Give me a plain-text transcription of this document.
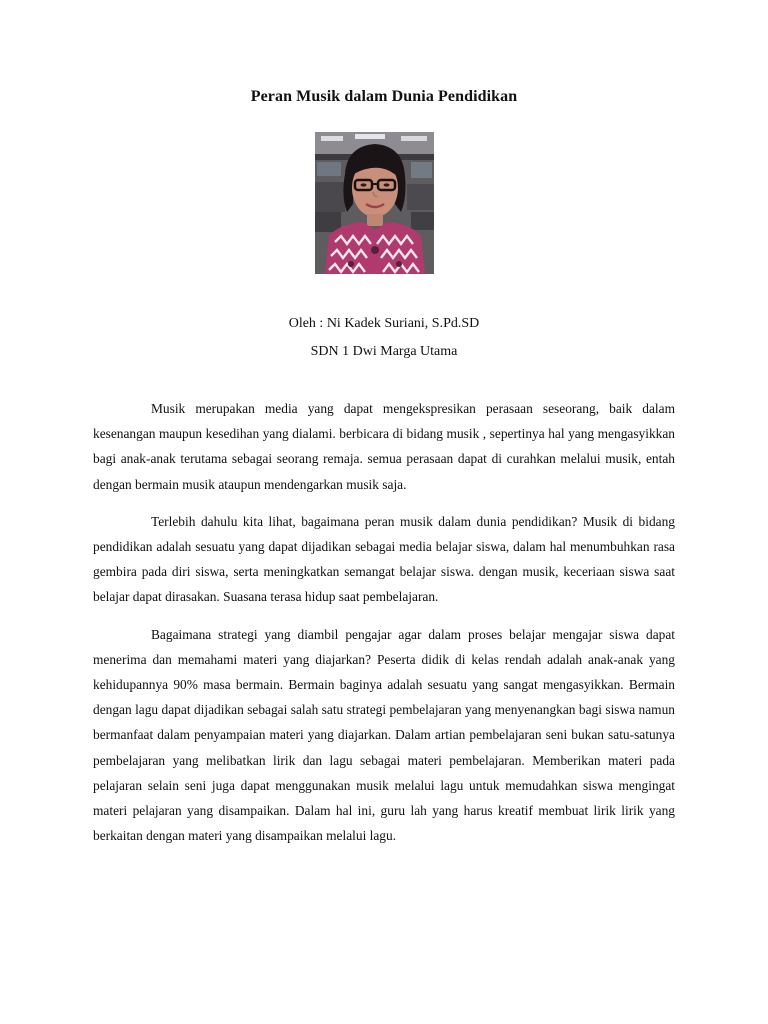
Peran Musik dalam Dunia Pendidikan
Oleh : Ni Kadek Suriani, S.Pd.SD
SDN 1 Dwi Marga Utama

Musik merupakan media yang dapat mengekspresikan perasaan seseorang, baik dalam kesenangan maupun kesedihan yang dialami. berbicara di bidang musik , sepertinya hal yang mengasyikkan bagi anak-anak terutama sebagai seorang remaja. semua perasaan dapat di curahkan melalui musik, entah dengan bermain musik ataupun mendengarkan musik saja.

Terlebih dahulu kita lihat, bagaimana peran musik dalam dunia pendidikan? Musik di bidang pendidikan adalah sesuatu yang dapat dijadikan sebagai media belajar siswa, dalam hal menumbuhkan rasa gembira pada diri siswa, serta meningkatkan semangat belajar siswa. dengan musik, keceriaan siswa saat belajar dapat dirasakan. Suasana terasa hidup saat pembelajaran.

Bagaimana strategi yang diambil pengajar agar dalam proses belajar mengajar siswa dapat menerima dan memahami materi yang diajarkan? Peserta didik di kelas rendah adalah anak-anak yang kehidupannya 90% masa bermain. Bermain baginya adalah sesuatu yang sangat mengasyikkan. Bermain dengan lagu dapat dijadikan sebagai salah satu strategi pembelajaran yang menyenangkan bagi siswa namun bermanfaat dalam penyampaian materi yang diajarkan. Dalam artian pembelajaran seni bukan satu-satunya pembelajaran yang melibatkan lirik dan lagu sebagai materi pembelajaran. Memberikan materi pada pelajaran selain seni juga dapat menggunakan musik melalui lagu untuk memudahkan siswa mengingat materi pelajaran yang disampaikan. Dalam hal ini, guru lah yang harus kreatif membuat lirik lirik yang berkaitan dengan materi yang disampaikan melalui lagu.
